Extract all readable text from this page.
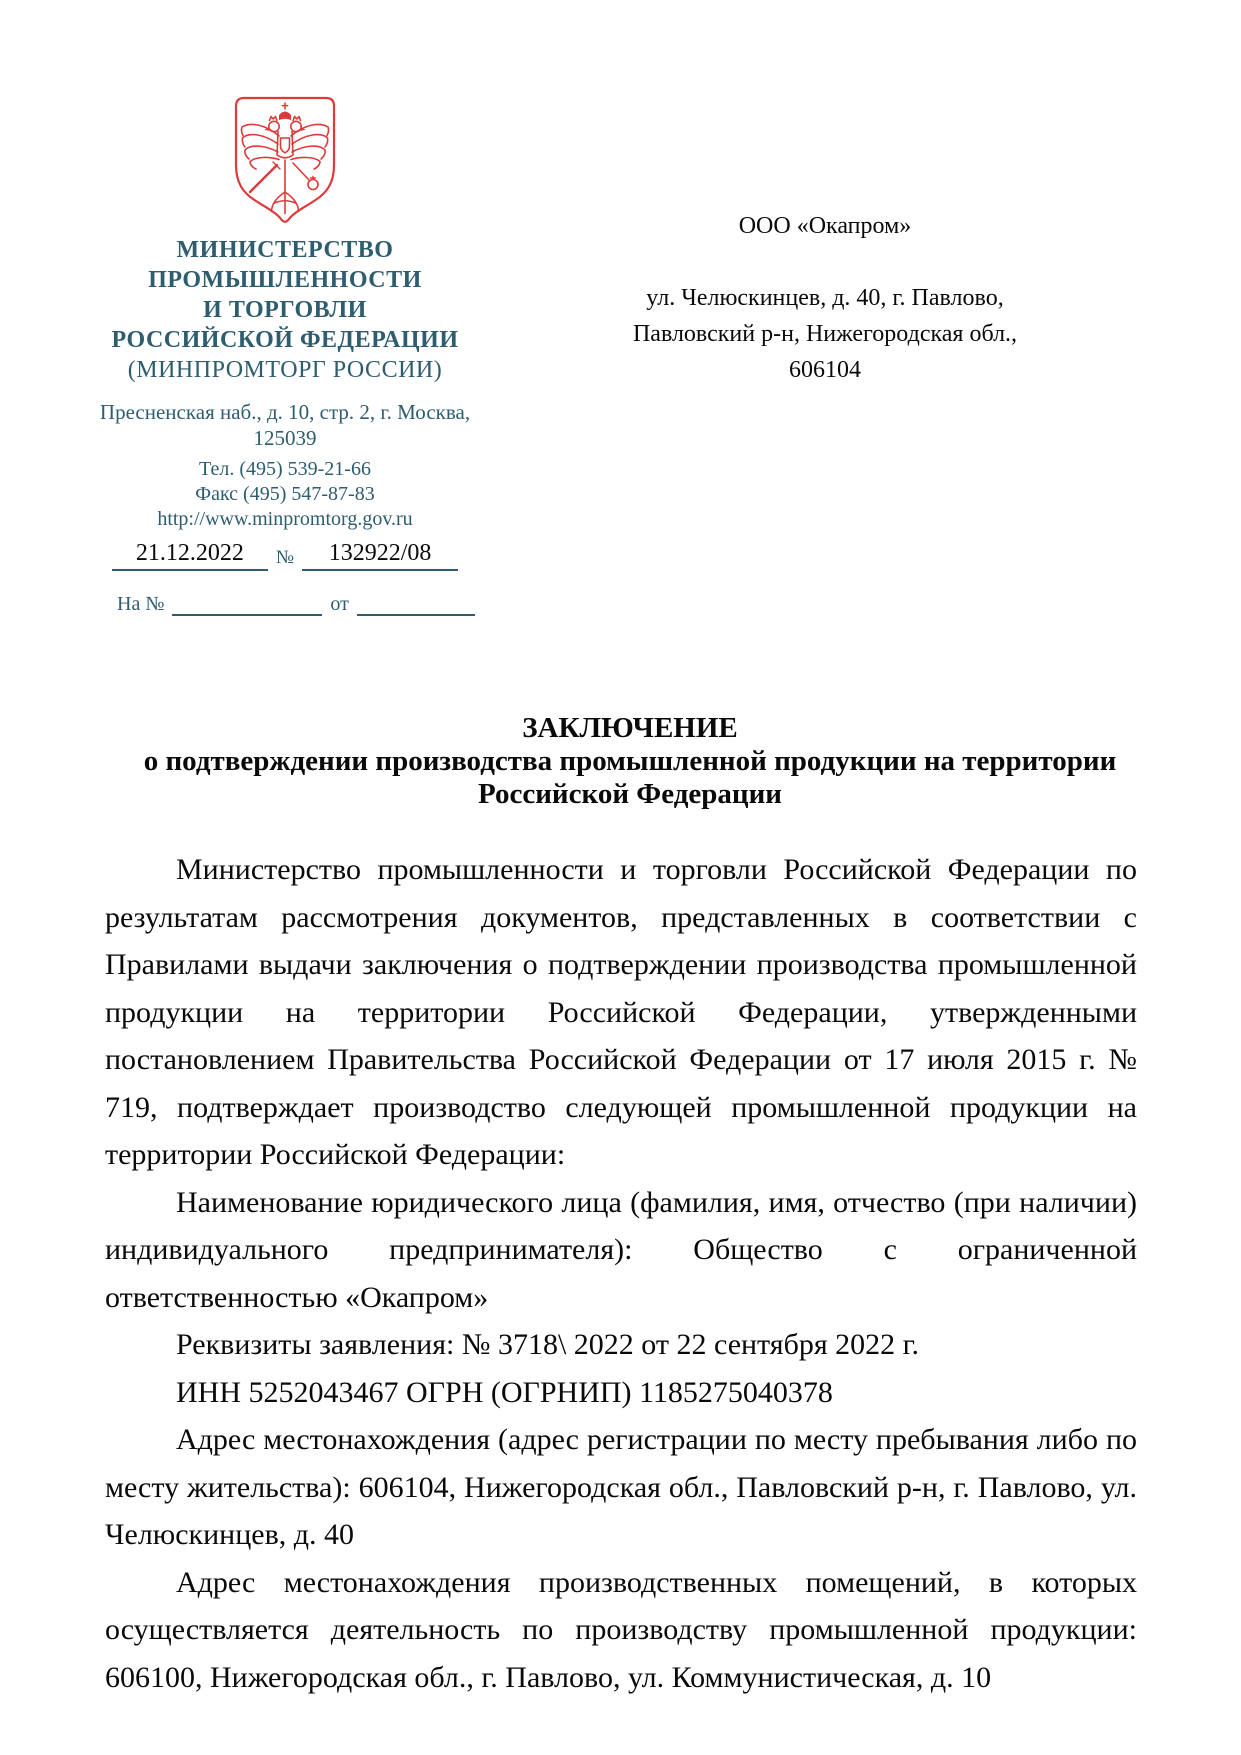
МИНИСТЕРСТВО
ПРОМЫШЛЕННОСТИ
И ТОРГОВЛИ
РОССИЙСКОЙ ФЕДЕРАЦИИ
(МИНПРОМТОРГ РОССИИ)
Пресненская наб., д. 10, стр. 2, г. Москва, 125039
Тел. (495) 539-21-66
Факс (495) 547-87-83
http://www.minpromtorg.gov.ru
21.12.2022	№	132922/08
На №	от
ООО «Окапром»
ул. Челюскинцев, д. 40, г. Павлово,
Павловский р-н, Нижегородская обл.,
606104
ЗАКЛЮЧЕНИЕ
о подтверждении производства промышленной продукции на территории
Российской Федерации

Министерство промышленности и торговли Российской Федерации по результатам рассмотрения документов, представленных в соответствии с Правилами выдачи заключения о подтверждении производства промышленной продукции на территории Российской Федерации, утвержденными постановлением Правительства Российской Федерации от 17 июля 2015 г. № 719, подтверждает производство следующей промышленной продукции на территории Российской Федерации:

Наименование юридического лица (фамилия, имя, отчество (при наличии) индивидуального предпринимателя): Общество с ограниченной ответственностью «Окапром»

Реквизиты заявления: № 3718\ 2022 от 22 сентября 2022 г.

ИНН 5252043467 ОГРН (ОГРНИП) 1185275040378

Адрес местонахождения (адрес регистрации по месту пребывания либо по месту жительства): 606104, Нижегородская обл., Павловский р-н, г. Павлово, ул. Челюскинцев, д. 40

Адрес местонахождения производственных помещений, в которых осуществляется деятельность по производству промышленной продукции: 606100, Нижегородская обл., г. Павлово, ул. Коммунистическая, д. 10
